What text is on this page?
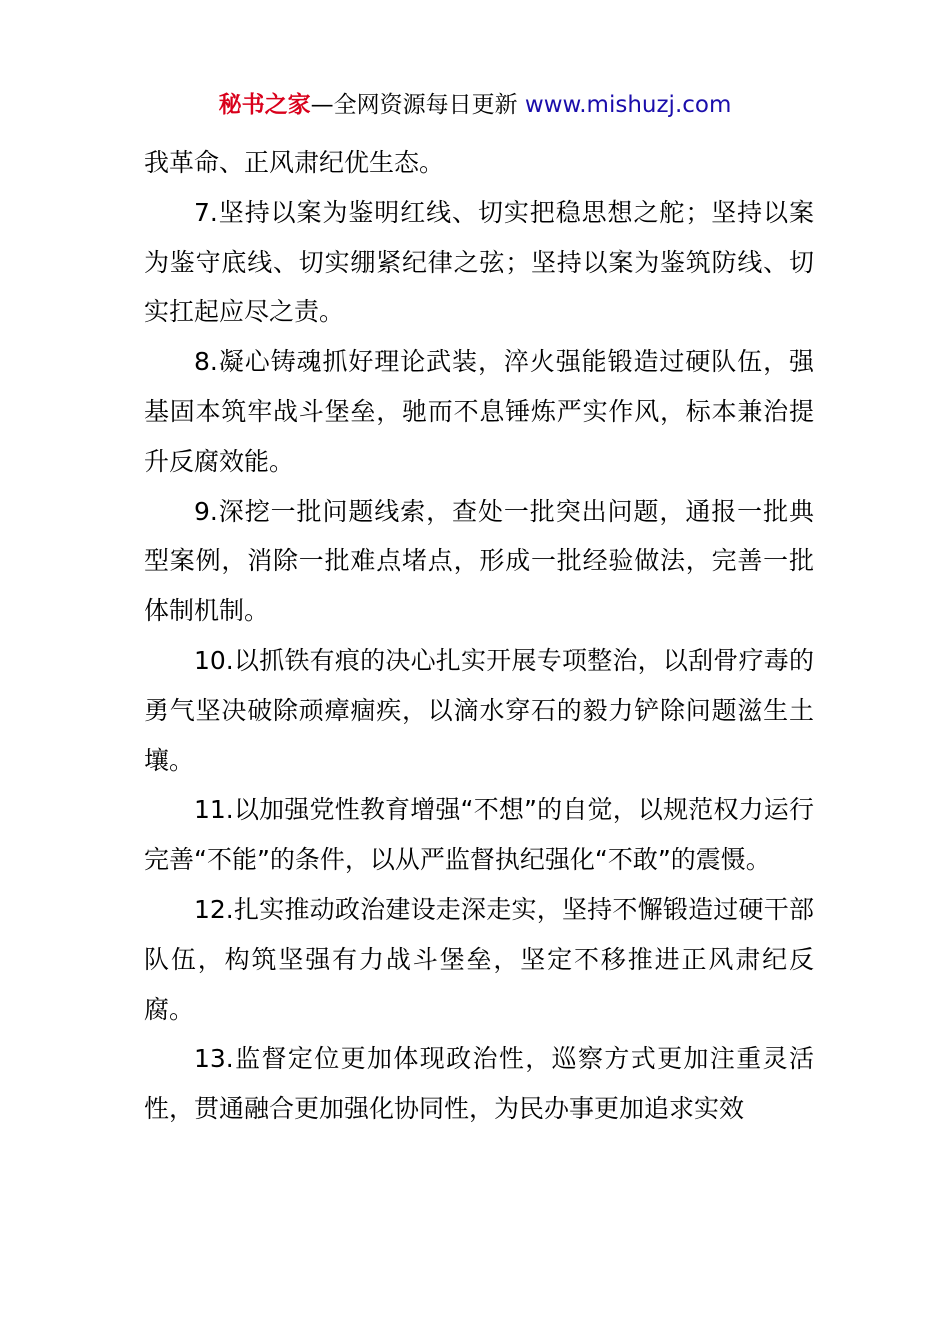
秘书之家—全网资源每日更新 www.mishuzj.com

我革命、正风肃纪优生态。

7.坚持以案为鉴明红线、切实把稳思想之舵；坚持以案为鉴守底线、切实绷紧纪律之弦；坚持以案为鉴筑防线、切实扛起应尽之责。

8.凝心铸魂抓好理论武装，淬火强能锻造过硬队伍，强基固本筑牢战斗堡垒，驰而不息锤炼严实作风，标本兼治提升反腐效能。

9.深挖一批问题线索，查处一批突出问题，通报一批典型案例，消除一批难点堵点，形成一批经验做法，完善一批体制机制。

10.以抓铁有痕的决心扎实开展专项整治，以刮骨疗毒的勇气坚决破除顽瘴痼疾，以滴水穿石的毅力铲除问题滋生土壤。

11.以加强党性教育增强“不想”的自觉，以规范权力运行完善“不能”的条件，以从严监督执纪强化“不敢”的震慑。

12.扎实推动政治建设走深走实，坚持不懈锻造过硬干部队伍，构筑坚强有力战斗堡垒，坚定不移推进正风肃纪反腐。

13.监督定位更加体现政治性，巡察方式更加注重灵活性，贯通融合更加强化协同性，为民办事更加追求实效
